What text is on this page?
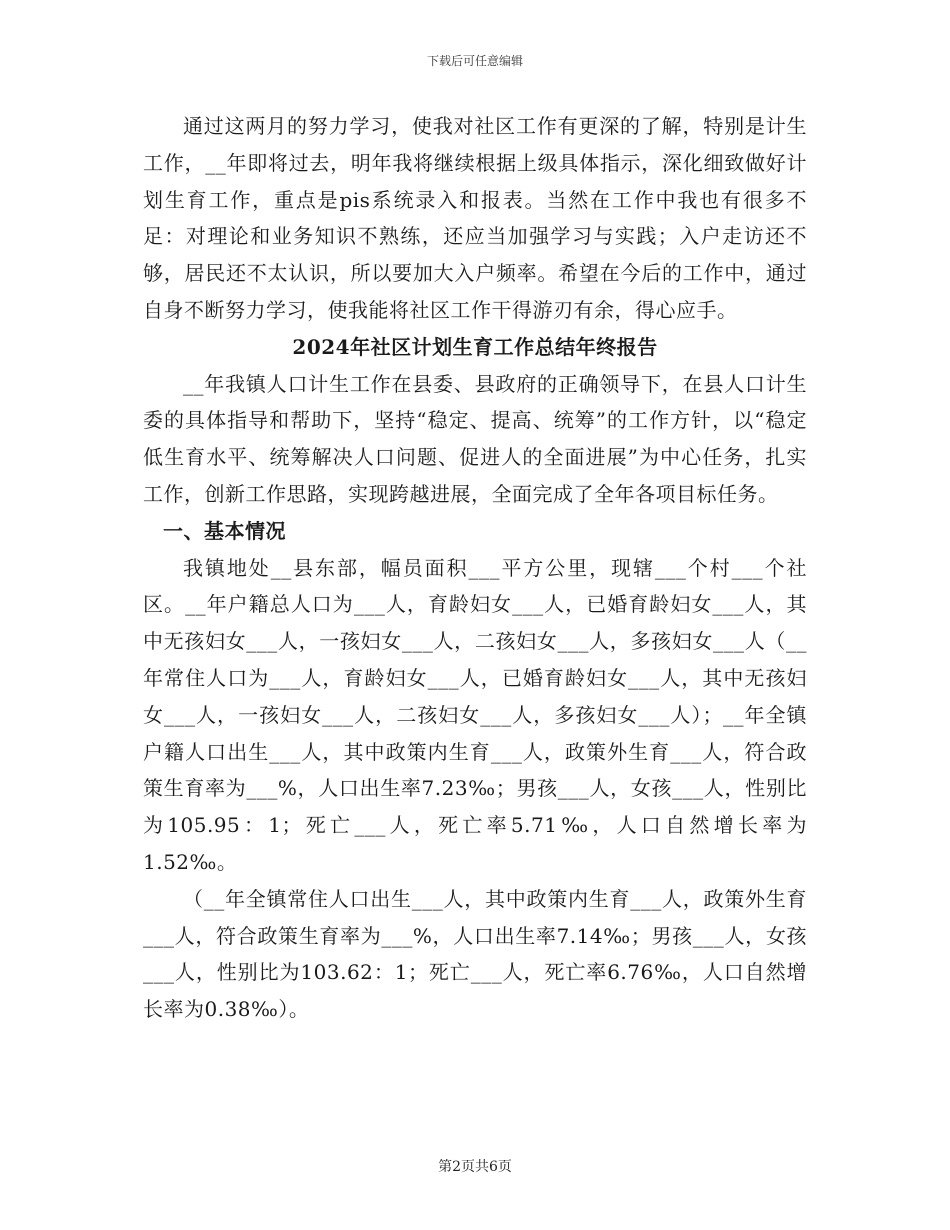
下载后可任意编辑

通过这两月的努力学习，使我对社区工作有更深的了解，特别是计生工作，__年即将过去，明年我将继续根据上级具体指示，深化细致做好计划生育工作，重点是pis系统录入和报表。当然在工作中我也有很多不足：对理论和业务知识不熟练，还应当加强学习与实践；入户走访还不够，居民还不太认识，所以要加大入户频率。希望在今后的工作中，通过自身不断努力学习，使我能将社区工作干得游刃有余，得心应手。

2024年社区计划生育工作总结年终报告

__年我镇人口计生工作在县委、县政府的正确领导下，在县人口计生委的具体指导和帮助下，坚持“稳定、提高、统筹”的工作方针，以“稳定低生育水平、统筹解决人口问题、促进人的全面进展”为中心任务，扎实工作，创新工作思路，实现跨越进展，全面完成了全年各项目标任务。

一、基本情况

我镇地处__县东部，幅员面积___平方公里，现辖___个村___个社区。__年户籍总人口为___人，育龄妇女___人，已婚育龄妇女___人，其中无孩妇女___人，一孩妇女___人，二孩妇女___人，多孩妇女___人（__年常住人口为___人，育龄妇女___人，已婚育龄妇女___人，其中无孩妇女___人，一孩妇女___人，二孩妇女___人，多孩妇女___人）；__年全镇户籍人口出生___人，其中政策内生育___人，政策外生育___人，符合政策生育率为___%，人口出生率7.23‰；男孩___人，女孩___人，性别比为105.95：1；死亡___人，死亡率5.71‰，人口自然增长率为1.52‰。

（__年全镇常住人口出生___人，其中政策内生育___人，政策外生育___人，符合政策生育率为___%，人口出生率7.14‰；男孩___人，女孩___人，性别比为103.62：1；死亡___人，死亡率6.76‰，人口自然增长率为0.38‰）。

第2页共6页
